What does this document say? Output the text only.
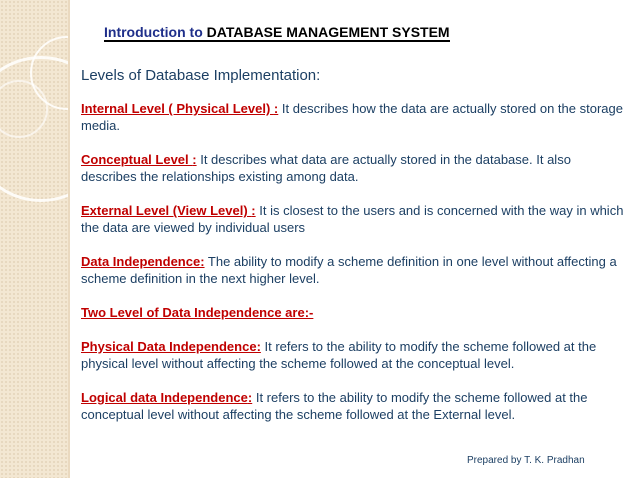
Introduction to DATABASE MANAGEMENT SYSTEM
Levels of Database Implementation:
Internal Level ( Physical Level) : It describes how the data are actually stored on the storage media.
Conceptual Level : It describes what data are actually stored in the database. It also describes the relationships existing among data.
External Level (View Level) : It is closest to the users and is concerned with the way in which the data are viewed by individual users
Data Independence: The ability to modify a scheme definition in one level without affecting a scheme definition in the next higher level.
Two Level of Data Independence are:-
Physical Data Independence: It refers to the ability to modify the scheme followed at the physical level without affecting the scheme followed at the conceptual level.
Logical data Independence: It refers to the ability to modify the scheme followed at the conceptual level without affecting the scheme followed at the External level.
Prepared by T. K. Pradhan
